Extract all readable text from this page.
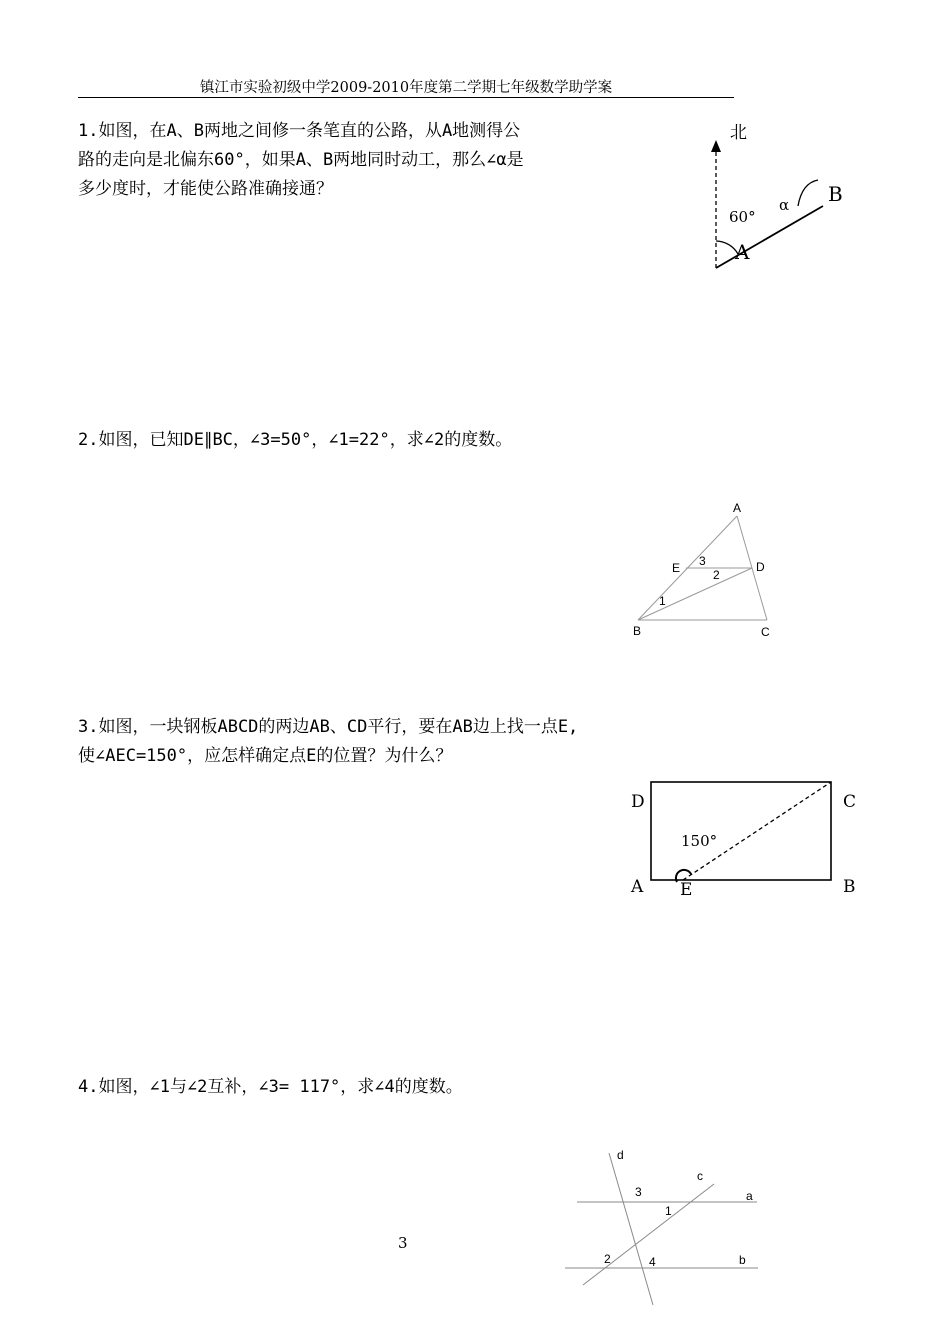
镇江市实验初级中学2009-2010年度第二学期七年级数学助学案
1.如图，在A、B两地之间修一条笔直的公路，从A地测得公
路的走向是北偏东60°，如果A、B两地同时动工，那么∠α是
多少度时，才能使公路准确接通？
2.如图，已知DE∥BC，∠3=50°，∠1=22°，求∠2的度数。
3.如图，一块钢板ABCD的两边AB、CD平行，要在AB边上找一点E,
使∠AEC=150°，应怎样确定点E的位置？为什么？
4.如图，∠1与∠2互补，∠3= 117°，求∠4的度数。
北
60°
α
A
B
A
B	C
D
E
1
2
3
D	C
A	B
E
150°
d
c
a
b
3
1
2	4
3
